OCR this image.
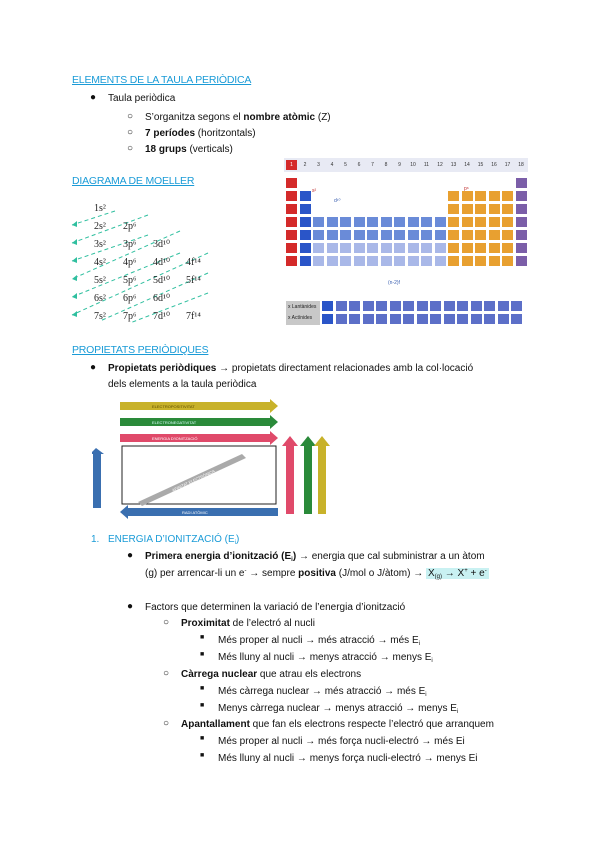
ELEMENTS DE LA TAULA PERIÒDICA
● Taula periòdica
○ S’organitza segons el nombre atòmic (Z)
○ 7 períodes (horitzontals)
○ 18 grups (verticals)
DIAGRAMA DE MOELLER
1s²
2s² 2p⁶
3s² 3p⁶ 3d¹⁰
4s² 4p⁶ 4d¹⁰ 4f¹⁴
5s² 5p⁶ 5d¹⁰ 5f¹⁴
6s² 6p⁶ 6d¹⁰
7s² 7p⁶ 7d¹⁰ 7f¹⁴
1	2	3	4	5	6	7	8	9	10	11	12	13	14	15	16	17	18
d¹⁰
p⁶
s²
(n-2)f
x Lantànides
x Actínides
PROPIETATS PERIÒDIQUES
● Propietats periòdiques → propietats directament relacionades amb la col·locació
dels elements a la taula periòdica
ELECTROPOSITIVITAT
ELECTRONEGATIVITAT
ENERGIA D'IONITZACIÓ
RADI ATÒMIC
AFINITAT ELECTRÒNICA
1. ENERGIA D’IONITZACIÓ $(E_i)$
● Primera energia d’ionització $(E_i)$ → energia que cal subministrar a un àtom
(g) per arrencar-li un e- → sempre positiva (J/mol o J/àtom) → $X_{(g)} \to X^+ + e^-$
● Factors que determinen la variació de l’energia d’ionització
○ Proximitat de l’electró al nucli
■ Més proper al nucli → més atracció → més $E_i$
■ Més lluny al nucli → menys atracció → menys $E_i$
○ Càrrega nuclear que atrau els electrons
■ Més càrrega nuclear → més atracció → més $E_i$
■ Menys càrrega nuclear → menys atracció → menys $E_i$
○ Apantallament que fan els electrons respecte l’electró que arranquem
■ Més proper al nucli → més força nucli-electró → més Ei
■ Més lluny al nucli → menys força nucli-electró → menys Ei
